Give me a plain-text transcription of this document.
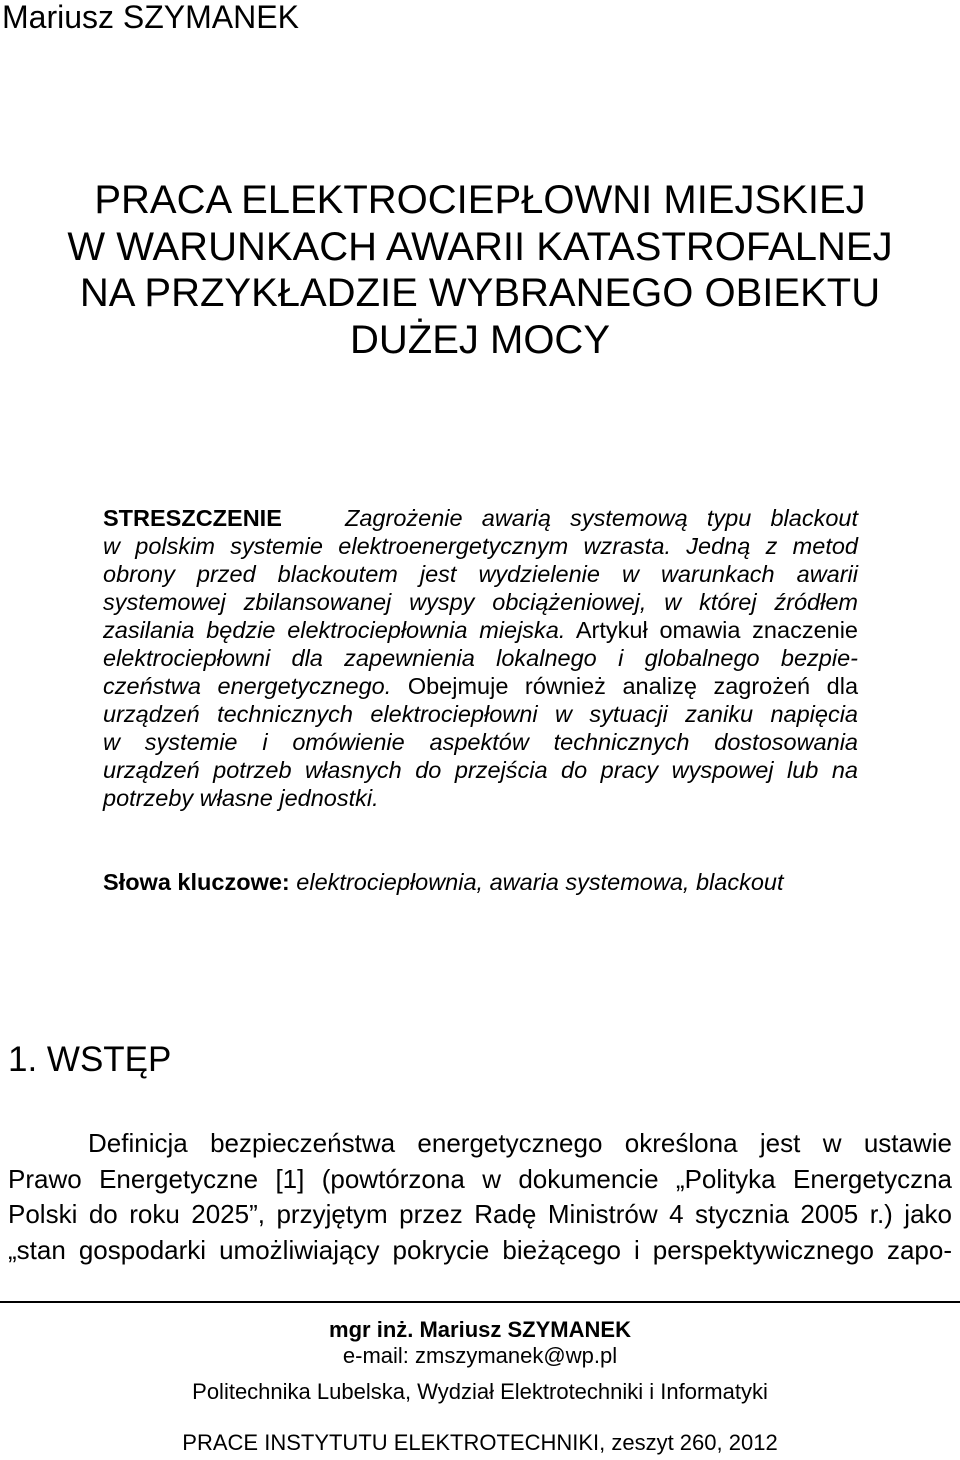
Mariusz SZYMANEK
PRACA ELEKTROCIEPŁOWNI MIEJSKIEJ
W WARUNKACH AWARII KATASTROFALNEJ
NA PRZYKŁADZIE WYBRANEGO OBIEKTU
DUŻEJ MOCY
STRESZCZENIE	Zagrożenie awarią systemową typu blackout
w polskim systemie elektroenergetycznym wzrasta. Jedną z metod
obrony przed blackoutem jest wydzielenie w warunkach awarii
systemowej zbilansowanej wyspy obciążeniowej, w której źródłem
zasilania będzie elektrociepłownia miejska. Artykuł omawia znaczenie
elektrociepłowni dla zapewnienia lokalnego i globalnego bezpie-
czeństwa energetycznego. Obejmuje również analizę zagrożeń dla
urządzeń technicznych elektrociepłowni w sytuacji zaniku napięcia
w systemie i omówienie aspektów technicznych dostosowania
urządzeń potrzeb własnych do przejścia do pracy wyspowej lub na
potrzeby własne jednostki.
Słowa kluczowe: elektrociepłownia, awaria systemowa, blackout
1. WSTĘP
Definicja bezpieczeństwa energetycznego określona jest w ustawie
Prawo Energetyczne [1] (powtórzona w dokumencie „Polityka Energetyczna
Polski do roku 2025”, przyjętym przez Radę Ministrów 4 stycznia 2005 r.) jako
„stan gospodarki umożliwiający pokrycie bieżącego i perspektywicznego zapo-
mgr inż. Mariusz SZYMANEK
e-mail: zmszymanek@wp.pl
Politechnika Lubelska, Wydział Elektrotechniki i Informatyki
PRACE INSTYTUTU ELEKTROTECHNIKI, zeszyt 260, 2012
